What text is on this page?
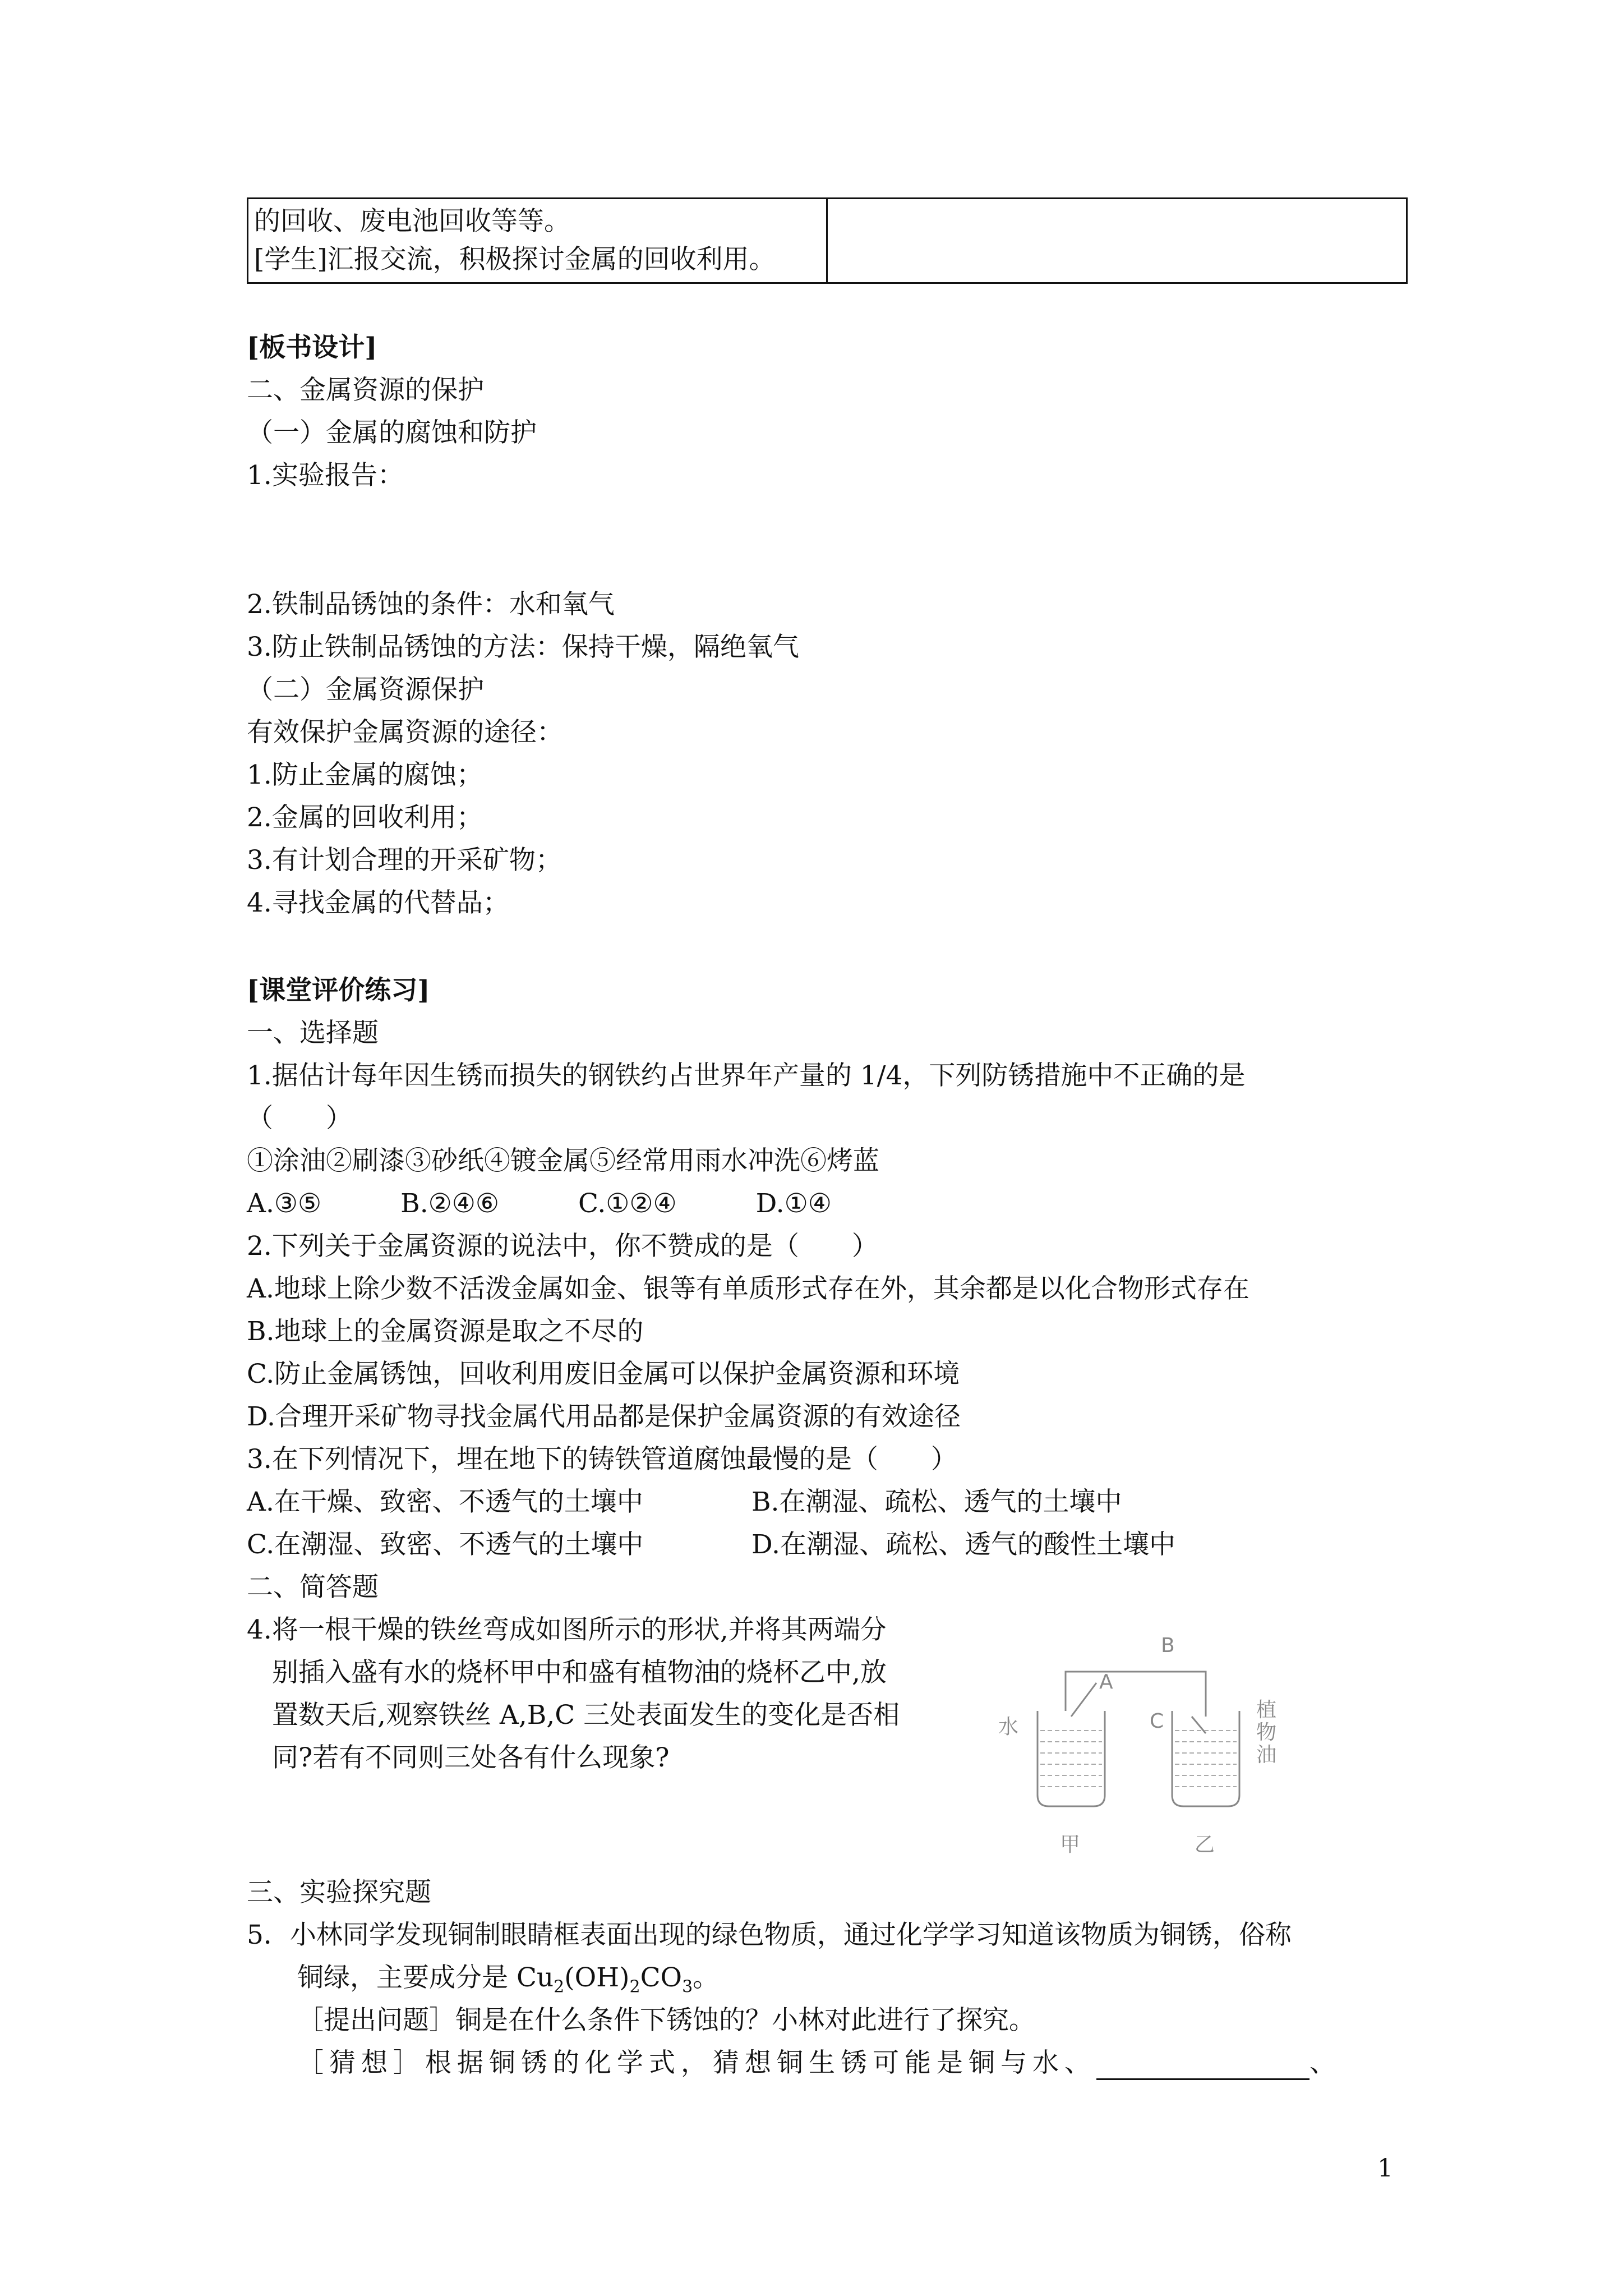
的回收、废电池回收等等。
[学生]汇报交流，积极探讨金属的回收利用。

[板书设计]
二、金属资源的保护
（一）金属的腐蚀和防护
1.实验报告：
2.铁制品锈蚀的条件：水和氧气
3.防止铁制品锈蚀的方法：保持干燥，隔绝氧气
（二）金属资源保护
有效保护金属资源的途径：
1.防止金属的腐蚀；
2.金属的回收利用；
3.有计划合理的开采矿物；
4.寻找金属的代替品；
[课堂评价练习]
一、选择题
1.据估计每年因生锈而损失的钢铁约占世界年产量的 1/4，下列防锈措施中不正确的是
（　　）
①涂油②刷漆③砂纸④镀金属⑤经常用雨水冲洗⑥烤蓝
A.③⑤　　　B.②④⑥　　　C.①②④　　　D.①④
2.下列关于金属资源的说法中，你不赞成的是（　　）
A.地球上除少数不活泼金属如金、银等有单质形式存在外，其余都是以化合物形式存在
B.地球上的金属资源是取之不尽的
C.防止金属锈蚀，回收利用废旧金属可以保护金属资源和环境
D.合理开采矿物寻找金属代用品都是保护金属资源的有效途径
3.在下列情况下，埋在地下的铸铁管道腐蚀最慢的是（　　）
A.在干燥、致密、不透气的土壤中	B.在潮湿、疏松、透气的土壤中
C.在潮湿、致密、不透气的土壤中	D.在潮湿、疏松、透气的酸性土壤中
二、简答题
4.将一根干燥的铁丝弯成如图所示的形状,并将其两端分
别插入盛有水的烧杯甲中和盛有植物油的烧杯乙中,放
置数天后,观察铁丝 A,B,C 三处表面发生的变化是否相
同?若有不同则三处各有什么现象?
B
A
C
水
植
物
油
甲	乙
三、实验探究题
5．小林同学发现铜制眼睛框表面出现的绿色物质，通过化学学习知道该物质为铜锈，俗称
铜绿，主要成分是 $Cu_2(OH)_2CO_3$。
［提出问题］铜是在什么条件下锈蚀的？小林对此进行了探究。
［猜想］根据铜锈的化学式，猜想铜生锈可能是铜与水、	、
1
